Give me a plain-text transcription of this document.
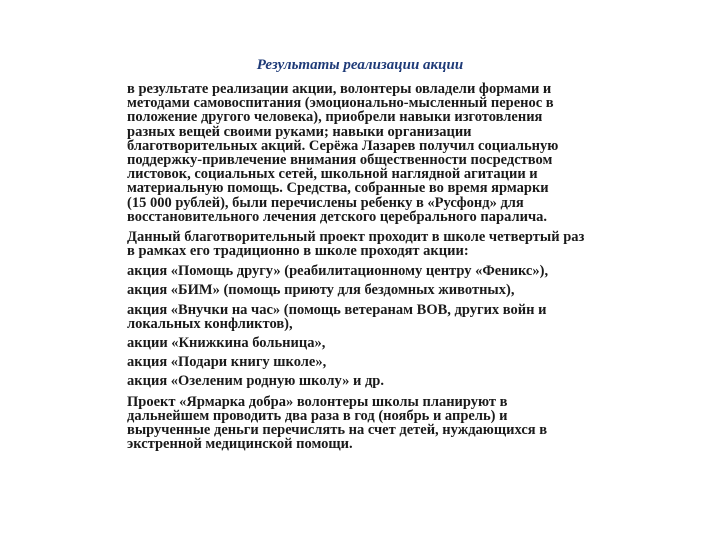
Результаты реализации акции
в результате реализации акции, волонтеры овладели формами и
методами самовоспитания (эмоционально-мысленный перенос в
положение другого человека), приобрели навыки изготовления
разных вещей своими руками; навыки организации
благотворительных акций. Серёжа Лазарев получил социальную
поддержку-привлечение внимания общественности посредством
листовок, социальных сетей, школьной наглядной агитации и
материальную помощь. Средства, собранные во время ярмарки
(15 000 рублей), были перечислены ребенку в «Русфонд» для
восстановительного лечения детского церебрального паралича.
Данный благотворительный проект проходит в школе четвертый раз
в рамках его традиционно в школе проходят акции:
акция «Помощь другу» (реабилитационному центру «Феникс»),
акция «БИМ» (помощь приюту для бездомных животных),
акция «Внучки на час» (помощь ветеранам ВОВ, других войн и
локальных конфликтов),
акции «Книжкина больница»,
акция «Подари книгу школе»,
акция «Озеленим родную школу» и др.
Проект «Ярмарка добра» волонтеры школы планируют в
дальнейшем проводить два раза в год (ноябрь и апрель) и
вырученные деньги перечислять на счет детей, нуждающихся в
экстренной медицинской помощи.
